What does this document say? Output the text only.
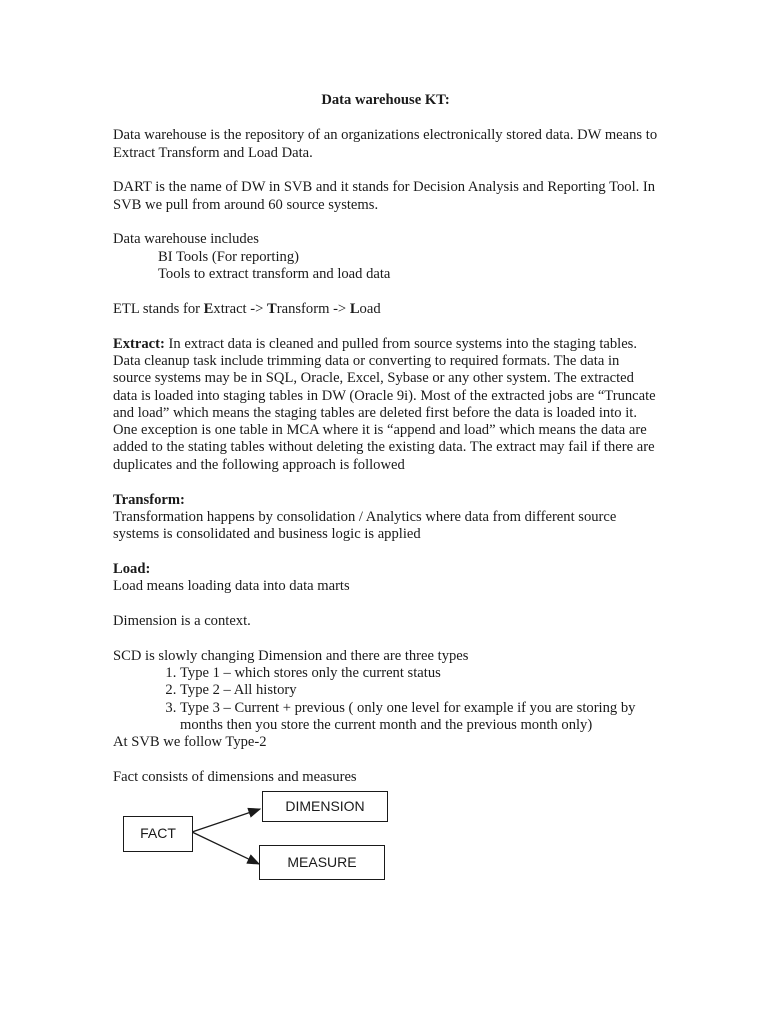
Data warehouse KT:

Data warehouse is the repository of an organizations electronically stored data. DW means to Extract Transform and Load Data.

DART is the name of DW in SVB and it stands for Decision Analysis and Reporting Tool. In SVB we pull from around 60 source systems.

Data warehouse includes
BI Tools (For reporting)
Tools to extract transform and load data

ETL stands for Extract -> Transform -> Load

Extract: In extract data is cleaned and pulled from source systems into the staging tables. Data cleanup task include trimming data or converting to required formats. The data in source systems may be in SQL, Oracle, Excel, Sybase or any other system. The extracted data is loaded into staging tables in DW (Oracle 9i). Most of the extracted jobs are “Truncate and load” which means the staging tables are deleted first before the data is loaded into it. One exception is one table in MCA where it is “append and load” which means the data are added to the stating tables without deleting the existing data. The extract may fail if there are duplicates and the following approach is followed

Transform:
Transformation happens by consolidation / Analytics where data from different source systems is consolidated and business logic is applied

Load:
Load means loading data into data marts

Dimension is a context.

SCD is slowly changing Dimension and there are three types
1. Type 1 – which stores only the current status
2. Type 2 – All history
3. Type 3 – Current + previous ( only one level for example if you are storing by months then you store the current month and the previous month only)
At SVB we follow Type-2

Fact consists of dimensions and measures

FACT
DIMENSION
MEASURE
